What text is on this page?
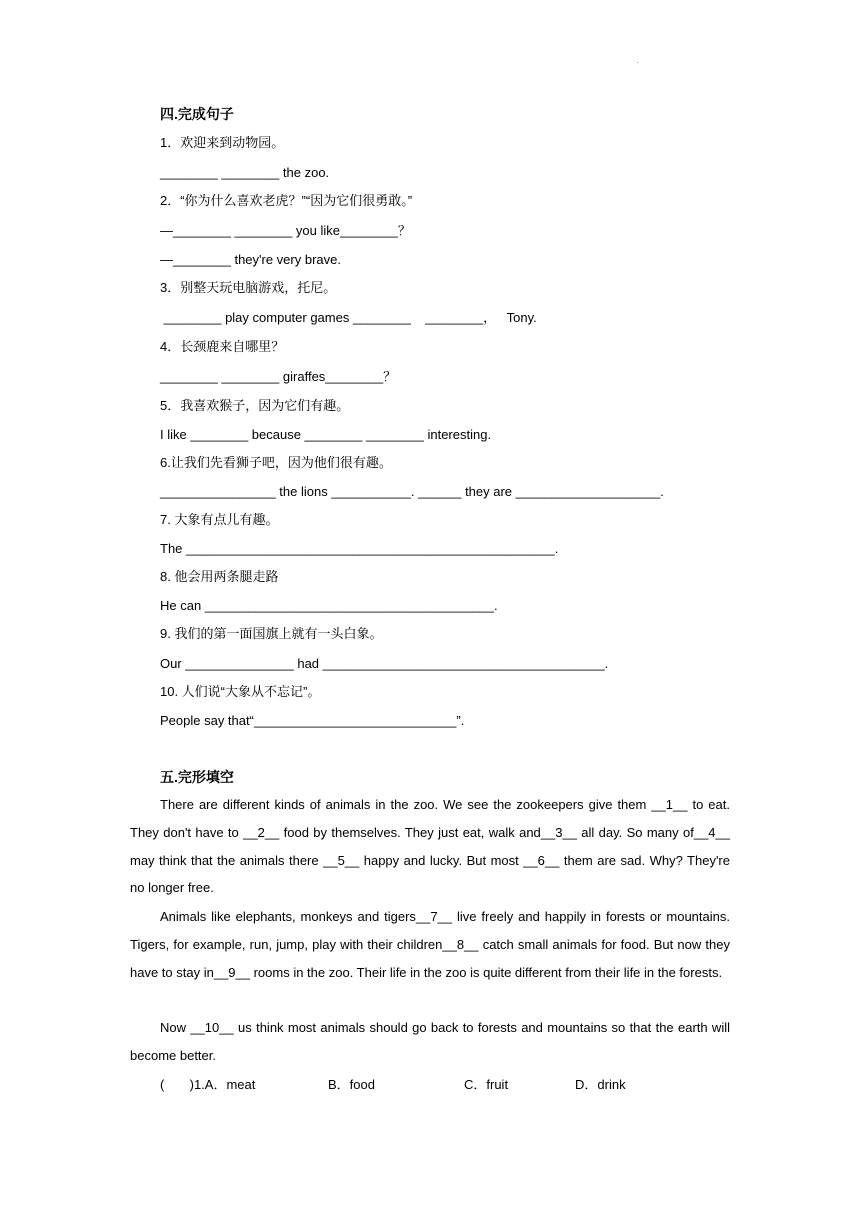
·
四.完成句子
1．欢迎来到动物园。
________ ________ the zoo.
2．“你为什么喜欢老虎？”“因为它们很勇敢。”
—________ ________ you like________？
—________ they're very brave.
3．别整天玩电脑游戏，托尼。
________ play computer games ________    ________，   Tony.
4．长颈鹿来自哪里？
________ ________ giraffes________？
5．我喜欢猴子，因为它们有趣。
I like ________ because ________ ________ interesting.
6.让我们先看狮子吧，因为他们很有趣。
________________ the lions ___________. ______ they are ____________________.
7. 大象有点儿有趣。
The ___________________________________________________.
8. 他会用两条腿走路
He can ________________________________________.
9. 我们的第一面国旗上就有一头白象。
Our _______________ had _______________________________________.
10. 人们说“大象从不忘记”。
People say that“____________________________”.
五.完形填空
There are different kinds of animals in the zoo. We see the zookeepers give them __1__ to eat. They don't have to __2__ food by themselves. They just eat, walk and__3__ all day. So many of__4__ may think that the animals there __5__ happy and lucky. But most __6__ them are sad. Why? They're no longer free.
Animals like elephants, monkeys and tigers__7__ live freely and happily in forests or mountains. Tigers, for example, run, jump, play with their children__8__ catch small animals for food. But now they have to stay in__9__ rooms in the zoo. Their life in the zoo is quite different from their life in the forests.
Now __10__ us think most animals should go back to forests and mountains so that the earth will become better.
(       )1.A．meat	B．food	C．fruit	D．drink
